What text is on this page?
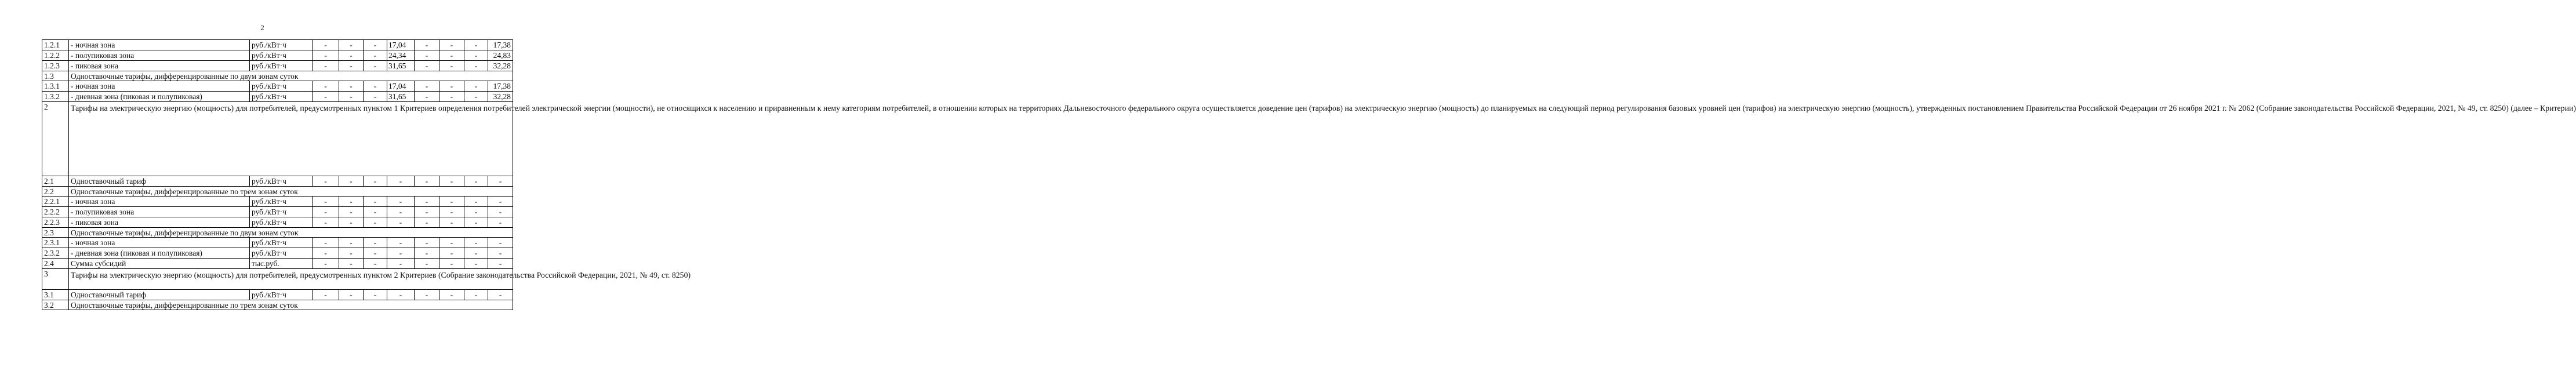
2
1.2.1	- ночная зона	руб./кВт·ч	-	-	-	17,04	-	-	-	17,38
1.2.2	- полупиковая зона	руб./кВт·ч	-	-	-	24,34	-	-	-	24,83
1.2.3	- пиковая зона	руб./кВт·ч	-	-	-	31,65	-	-	-	32,28
1.3	Одноставочные тарифы, дифференцированные по двум зонам суток									
1.3.1	- ночная зона	руб./кВт·ч	-	-	-	17,04	-	-	-	17,38
1.3.2	- дневная зона (пиковая и полупиковая)	руб./кВт·ч	-	-	-	31,65	-	-	-	32,28
2	Тарифы на электрическую энергию (мощность) для потребителей, предусмотренных пунктом 1 Критериев определения потребителей электрической энергии (мощности), не относящихся к населению и приравненным к нему категориям потребителей, в отношении которых на территориях Дальневосточного федерального округа осуществляется доведение цен (тарифов) на электрическую энергию (мощность) до планируемых на следующий период регулирования базовых уровней цен (тарифов) на электрическую энергию (мощность), утвержденных постановлением Правительства Российской Федерации от 26 ноября 2021 г. № 2062 (Собрание законодательства Российской Федерации, 2021, № 49, ст. 8250) (далее – Критерии)									
2.1	Одноставочный тариф	руб./кВт·ч	-	-	-	-	-	-	-	-
2.2	Одноставочные тарифы, дифференцированные по трем зонам суток									
2.2.1	- ночная зона	руб./кВт·ч	-	-	-	-	-	-	-	-
2.2.2	- полупиковая зона	руб./кВт·ч	-	-	-	-	-	-	-	-
2.2.3	- пиковая зона	руб./кВт·ч	-	-	-	-	-	-	-	-
2.3	Одноставочные тарифы, дифференцированные по двум зонам суток									
2.3.1	- ночная зона	руб./кВт·ч	-	-	-	-	-	-	-	-
2.3.2	- дневная зона (пиковая и полупиковая)	руб./кВт·ч	-	-	-	-	-	-	-	-
2.4	Сумма субсидий	тыс.руб.	-	-	-	-	-	-	-	-
3	Тарифы на электрическую энергию (мощность) для потребителей, предусмотренных пунктом 2 Критериев (Собрание законодательства Российской Федерации, 2021, № 49, ст. 8250)									
3.1	Одноставочный тариф	руб./кВт·ч	-	-	-	-	-	-	-	-
3.2	Одноставочные тарифы, дифференцированные по трем зонам суток									
